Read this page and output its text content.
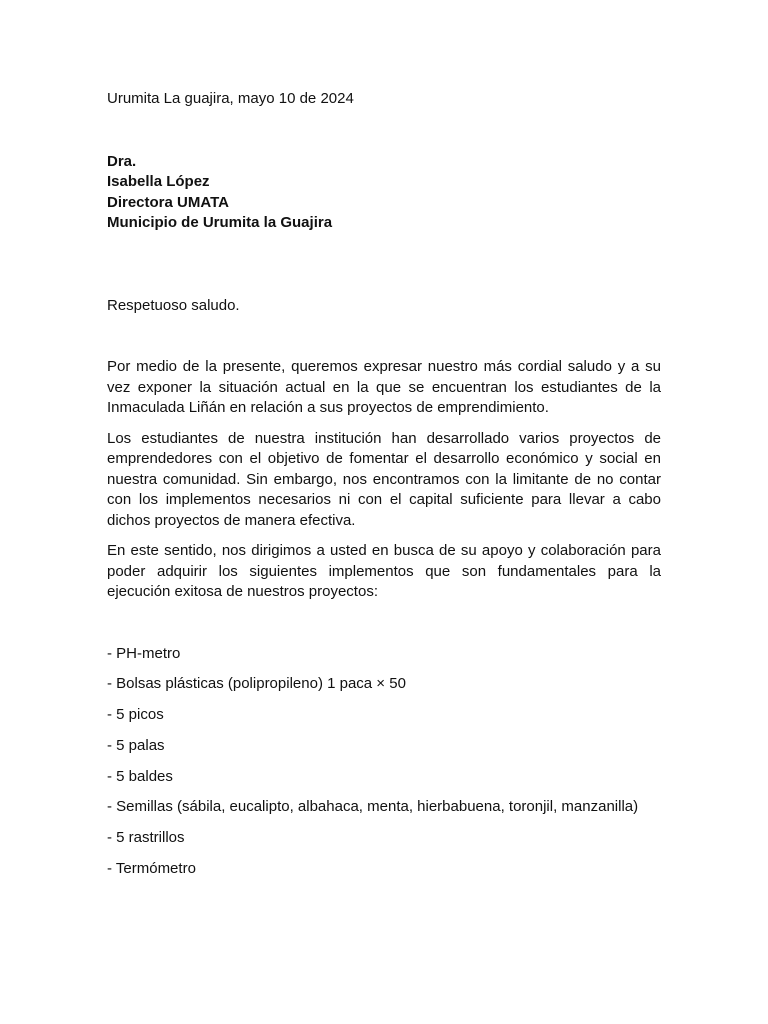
Urumita La guajira, mayo 10 de 2024

Dra.
Isabella López
Directora UMATA
Municipio de Urumita la Guajira

Respetuoso saludo.

Por medio de la presente, queremos expresar nuestro más cordial saludo y a su vez exponer la situación actual en la que se encuentran los estudiantes de la Inmaculada Liñán en relación a sus proyectos de emprendimiento.

Los estudiantes de nuestra institución han desarrollado varios proyectos de emprendedores con el objetivo de fomentar el desarrollo económico y social en nuestra comunidad. Sin embargo, nos encontramos con la limitante de no contar con los implementos necesarios ni con el capital suficiente para llevar a cabo dichos proyectos de manera efectiva.

En este sentido, nos dirigimos a usted en busca de su apoyo y colaboración para poder adquirir los siguientes implementos que son fundamentales para la ejecución exitosa de nuestros proyectos:

- PH-metro
- Bolsas plásticas (polipropileno) 1 paca × 50
- 5 picos
- 5 palas
- 5 baldes
- Semillas (sábila, eucalipto, albahaca, menta, hierbabuena, toronjil, manzanilla)
- 5 rastrillos
- Termómetro
